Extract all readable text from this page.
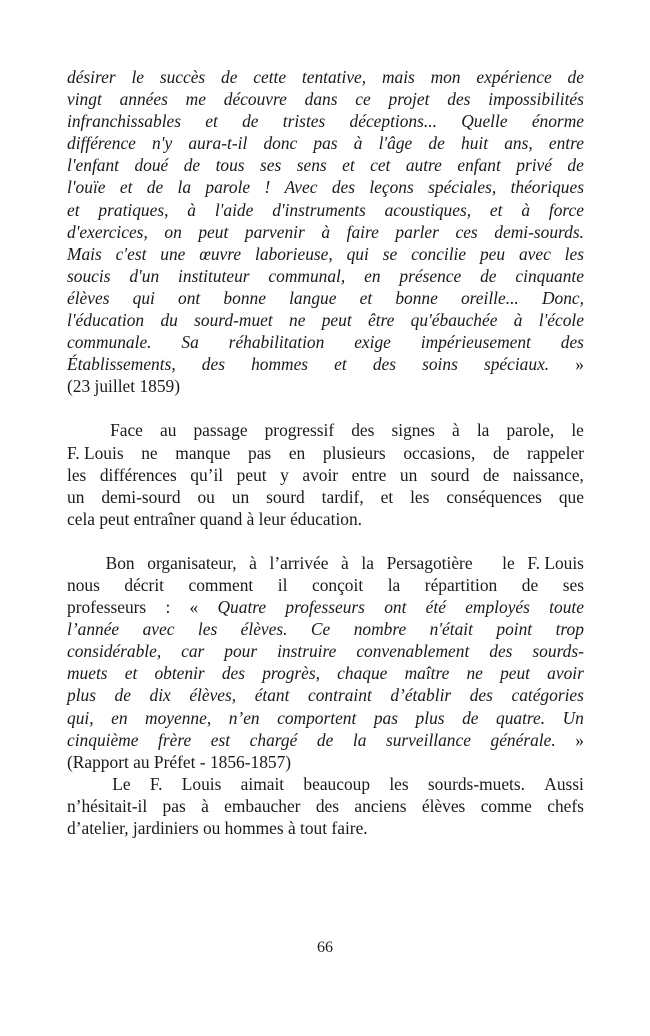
désirer le succès de cette tentative, mais mon expérience de
vingt années me découvre dans ce projet des impossibilités
infranchissables et de tristes déceptions... Quelle énorme
différence n'y aura-t-il donc pas à l'âge de huit ans, entre
l'enfant doué de tous ses sens et cet autre enfant privé de
l'ouïe et de la parole ! Avec des leçons spéciales, théoriques
et pratiques, à l'aide d'instruments acoustiques, et à force
d'exercices, on peut parvenir à faire parler ces demi-sourds.
Mais c'est une œuvre laborieuse, qui se concilie peu avec les
soucis d'un instituteur communal, en présence de cinquante
élèves qui ont bonne langue et bonne oreille... Donc,
l'éducation du sourd-muet ne peut être qu'ébauchée à l'école
communale. Sa réhabilitation exige impérieusement des
Établissements, des hommes et des soins spéciaux. »
(23 juillet 1859)
Face au passage progressif des signes à la parole, le
F. Louis ne manque pas en plusieurs occasions, de rappeler
les différences qu’il peut y avoir entre un sourd de naissance,
un demi-sourd ou un sourd tardif, et les conséquences que
cela peut entraîner quand à leur éducation.
Bon organisateur, à l’arrivée à la Persagotière
le F. Louis
nous décrit comment il conçoit la répartition de ses
professeurs : « Quatre professeurs ont été employés toute
l’année avec les élèves. Ce nombre n'était point trop
considérable, car pour instruire convenablement des sourds-
muets et obtenir des progrès, chaque maître ne peut avoir
plus de dix élèves, étant contraint d’établir des catégories
qui, en moyenne, n’en comportent pas plus de quatre. Un
cinquième frère est chargé de la surveillance générale. »
(Rapport au Préfet - 1856-1857)
Le F. Louis aimait beaucoup les sourds-muets. Aussi
n’hésitait-il pas à embaucher des anciens élèves comme chefs
d’atelier, jardiniers ou hommes à tout faire.
66
